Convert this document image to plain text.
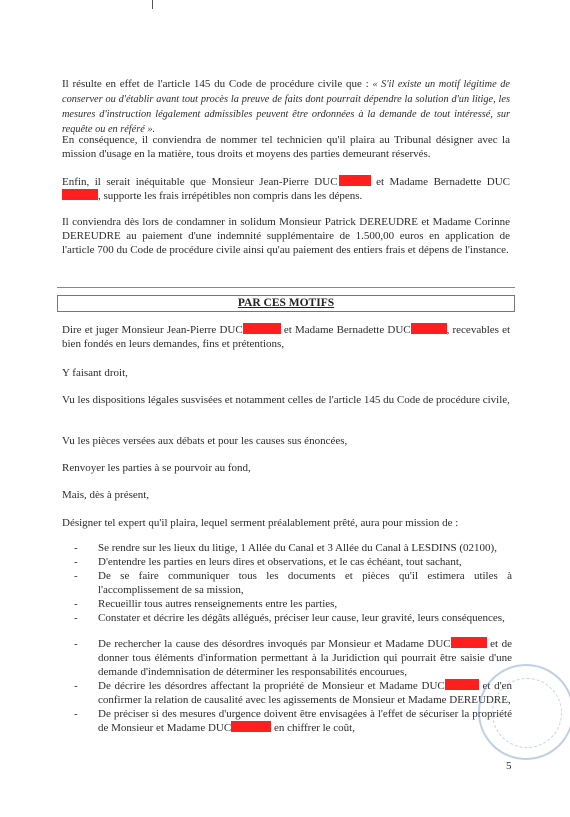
Il résulte en effet de l'article 145 du Code de procédure civile que : « S'il existe un motif légitime de conserver ou d'établir avant tout procès la preuve de faits dont pourrait dépendre la solution d'un litige, les mesures d'instruction légalement admissibles peuvent être ordonnées à la demande de tout intéressé, sur requête ou en référé ».
En conséquence, il conviendra de nommer tel technicien qu'il plaira au Tribunal désigner avec la mission d'usage en la matière, tous droits et moyens des parties demeurant réservés.
Enfin, il serait inéquitable que Monsieur Jean-Pierre DUC	et Madame Bernadette DUC, supporte les frais irrépétibles non compris dans les dépens.
Il conviendra dès lors de condamner in solidum Monsieur Patrick DEREUDRE et Madame Corinne DEREUDRE au paiement d'une indemnité supplémentaire de 1.500,00 euros en application de l'article 700 du Code de procédure civile ainsi qu'au paiement des entiers frais et dépens de l'instance.
PAR CES MOTIFS
Dire et juger Monsieur Jean-Pierre DUC	et Madame Bernadette DUC	, recevables et bien fondés en leurs demandes, fins et prétentions,
Y faisant droit,
Vu les dispositions légales susvisées et notamment celles de l'article 145 du Code de procédure civile,
Vu les pièces versées aux débats et pour les causes sus énoncées,
Renvoyer les parties à se pourvoir au fond,
Mais, dès à présent,
Désigner tel expert qu'il plaira, lequel serment préalablement prêté, aura pour mission de :
- Se rendre sur les lieux du litige, 1 Allée du Canal et 3 Allée du Canal à LESDINS (02100),
- D'entendre les parties en leurs dires et observations, et le cas échéant, tout sachant,
- De se faire communiquer tous les documents et pièces qu'il estimera utiles à l'accomplissement de sa mission,
- Recueillir tous autres renseignements entre les parties,
- Constater et décrire les dégâts allégués, préciser leur cause, leur gravité, leurs conséquences,
- De rechercher la cause des désordres invoqués par Monsieur et Madame DUC	et de donner tous éléments d'information permettant à la Juridiction qui pourrait être saisie d'une demande d'indemnisation de déterminer les responsabilités encourues,
- De décrire les désordres affectant la propriété de Monsieur et Madame DUC	et d'en confirmer la relation de causalité avec les agissements de Monsieur et Madame DEREUDRE,
- De préciser si des mesures d'urgence doivent être envisagées à l'effet de sécuriser la propriété de Monsieur et Madame DUC	en chiffrer le coût,
5
